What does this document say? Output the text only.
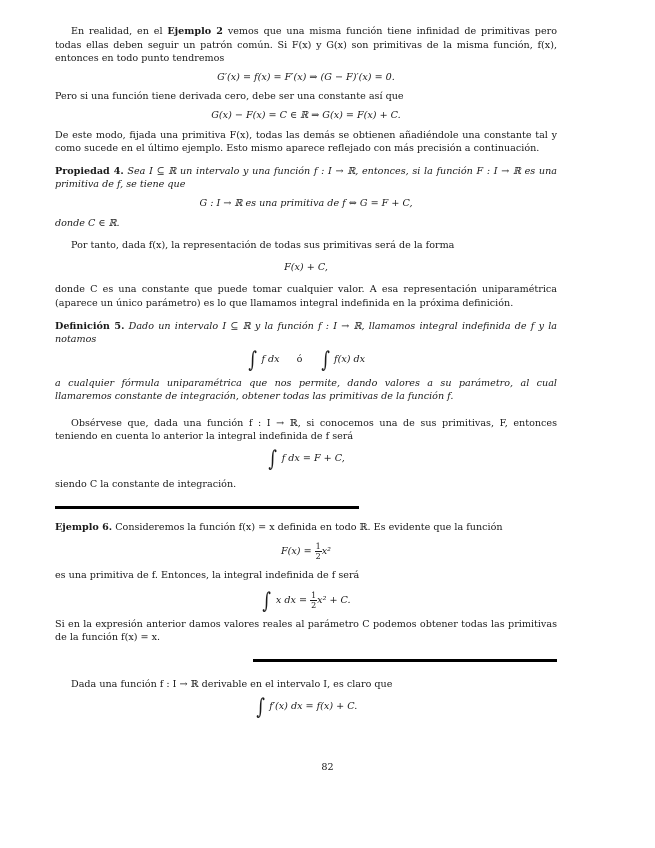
En realidad, en el Ejemplo 2 vemos que una misma función tiene infinidad de primitivas pero todas ellas deben seguir un patrón común. Si F(x) y G(x) son primitivas de la misma función, f(x), entonces en todo punto tendremos

G′(x) = f(x) = F′(x) ⇒ (G − F)′(x) = 0.

Pero si una función tiene derivada cero, debe ser una constante así que

G(x) − F(x) = C ∈ ℝ ⇒ G(x) = F(x) + C.

De este modo, fijada una primitiva F(x), todas las demás se obtienen añadiéndole una constante tal y como sucede en el último ejemplo. Esto mismo aparece reflejado con más precisión a continuación.

Propiedad 4. Sea I ⊆ ℝ un intervalo y una función f : I → ℝ, entonces, si la función F : I → ℝ es una primitiva de f, se tiene que

G : I → ℝ es una primitiva de f ⇔ G = F + C,

donde C ∈ ℝ.

Por tanto, dada f(x), la representación de todas sus primitivas será de la forma

F(x) + C,

donde C es una constante que puede tomar cualquier valor. A esa representación uniparamétrica (aparece un único parámetro) es lo que llamamos integral indefinida en la próxima definición.

Definición 5. Dado un intervalo I ⊆ ℝ y la función f : I → ℝ, llamamos integral indefinida de f y la notamos

∫ f dx ó ∫ f(x) dx

a cualquier fórmula uniparamétrica que nos permite, dando valores a su parámetro, al cual llamaremos constante de integración, obtener todas las primitivas de la función f.

Obsérvese que, dada una función f : I → ℝ, si conocemos una de sus primitivas, F, entonces teniendo en cuenta lo anterior la integral indefinida de f será

∫ f dx = F + C,

siendo C la constante de integración.

Ejemplo 6. Consideremos la función f(x) = x definida en todo ℝ. Es evidente que la función

$F(x) = \frac{1}{2} x^2$

es una primitiva de f. Entonces, la integral indefinida de f será

∫ x dx = $\frac{1}{2} x^2 + C$.

Si en la expresión anterior damos valores reales al parámetro C podemos obtener todas las primitivas de la función f(x) = x.

Dada una función f : I → ℝ derivable en el intervalo I, es claro que

∫ f′(x) dx = f(x) + C.
82
